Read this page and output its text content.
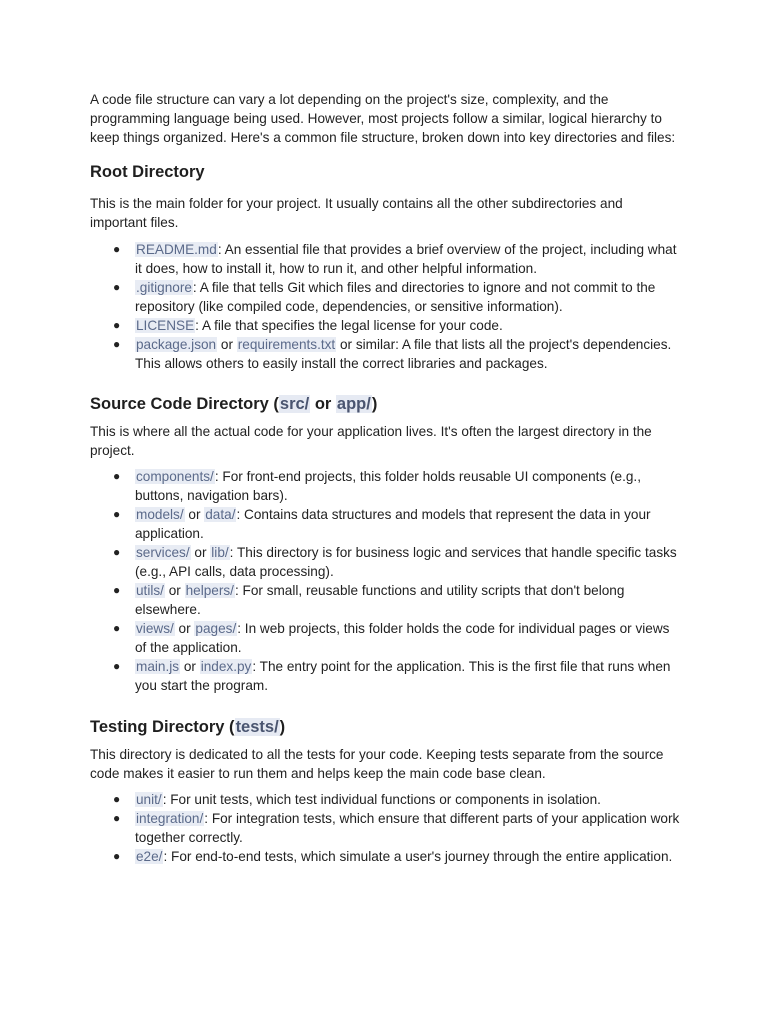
A code file structure can vary a lot depending on the project's size, complexity, and the programming language being used. However, most projects follow a similar, logical hierarchy to keep things organized. Here's a common file structure, broken down into key directories and files:

Root Directory

This is the main folder for your project. It usually contains all the other subdirectories and important files.

● README.md: An essential file that provides a brief overview of the project, including what it does, how to install it, how to run it, and other helpful information.
● .gitignore: A file that tells Git which files and directories to ignore and not commit to the repository (like compiled code, dependencies, or sensitive information).
● LICENSE: A file that specifies the legal license for your code.
● package.json or requirements.txt or similar: A file that lists all the project's dependencies. This allows others to easily install the correct libraries and packages.
Source Code Directory (src/ or app/)

This is where all the actual code for your application lives. It's often the largest directory in the project.

● components/: For front-end projects, this folder holds reusable UI components (e.g., buttons, navigation bars).
● models/ or data/: Contains data structures and models that represent the data in your application.
● services/ or lib/: This directory is for business logic and services that handle specific tasks (e.g., API calls, data processing).
● utils/ or helpers/: For small, reusable functions and utility scripts that don't belong elsewhere.
● views/ or pages/: In web projects, this folder holds the code for individual pages or views of the application.
● main.js or index.py: The entry point for the application. This is the first file that runs when you start the program.
Testing Directory (tests/)

This directory is dedicated to all the tests for your code. Keeping tests separate from the source code makes it easier to run them and helps keep the main code base clean.

● unit/: For unit tests, which test individual functions or components in isolation.
● integration/: For integration tests, which ensure that different parts of your application work together correctly.
● e2e/: For end-to-end tests, which simulate a user's journey through the entire application.
